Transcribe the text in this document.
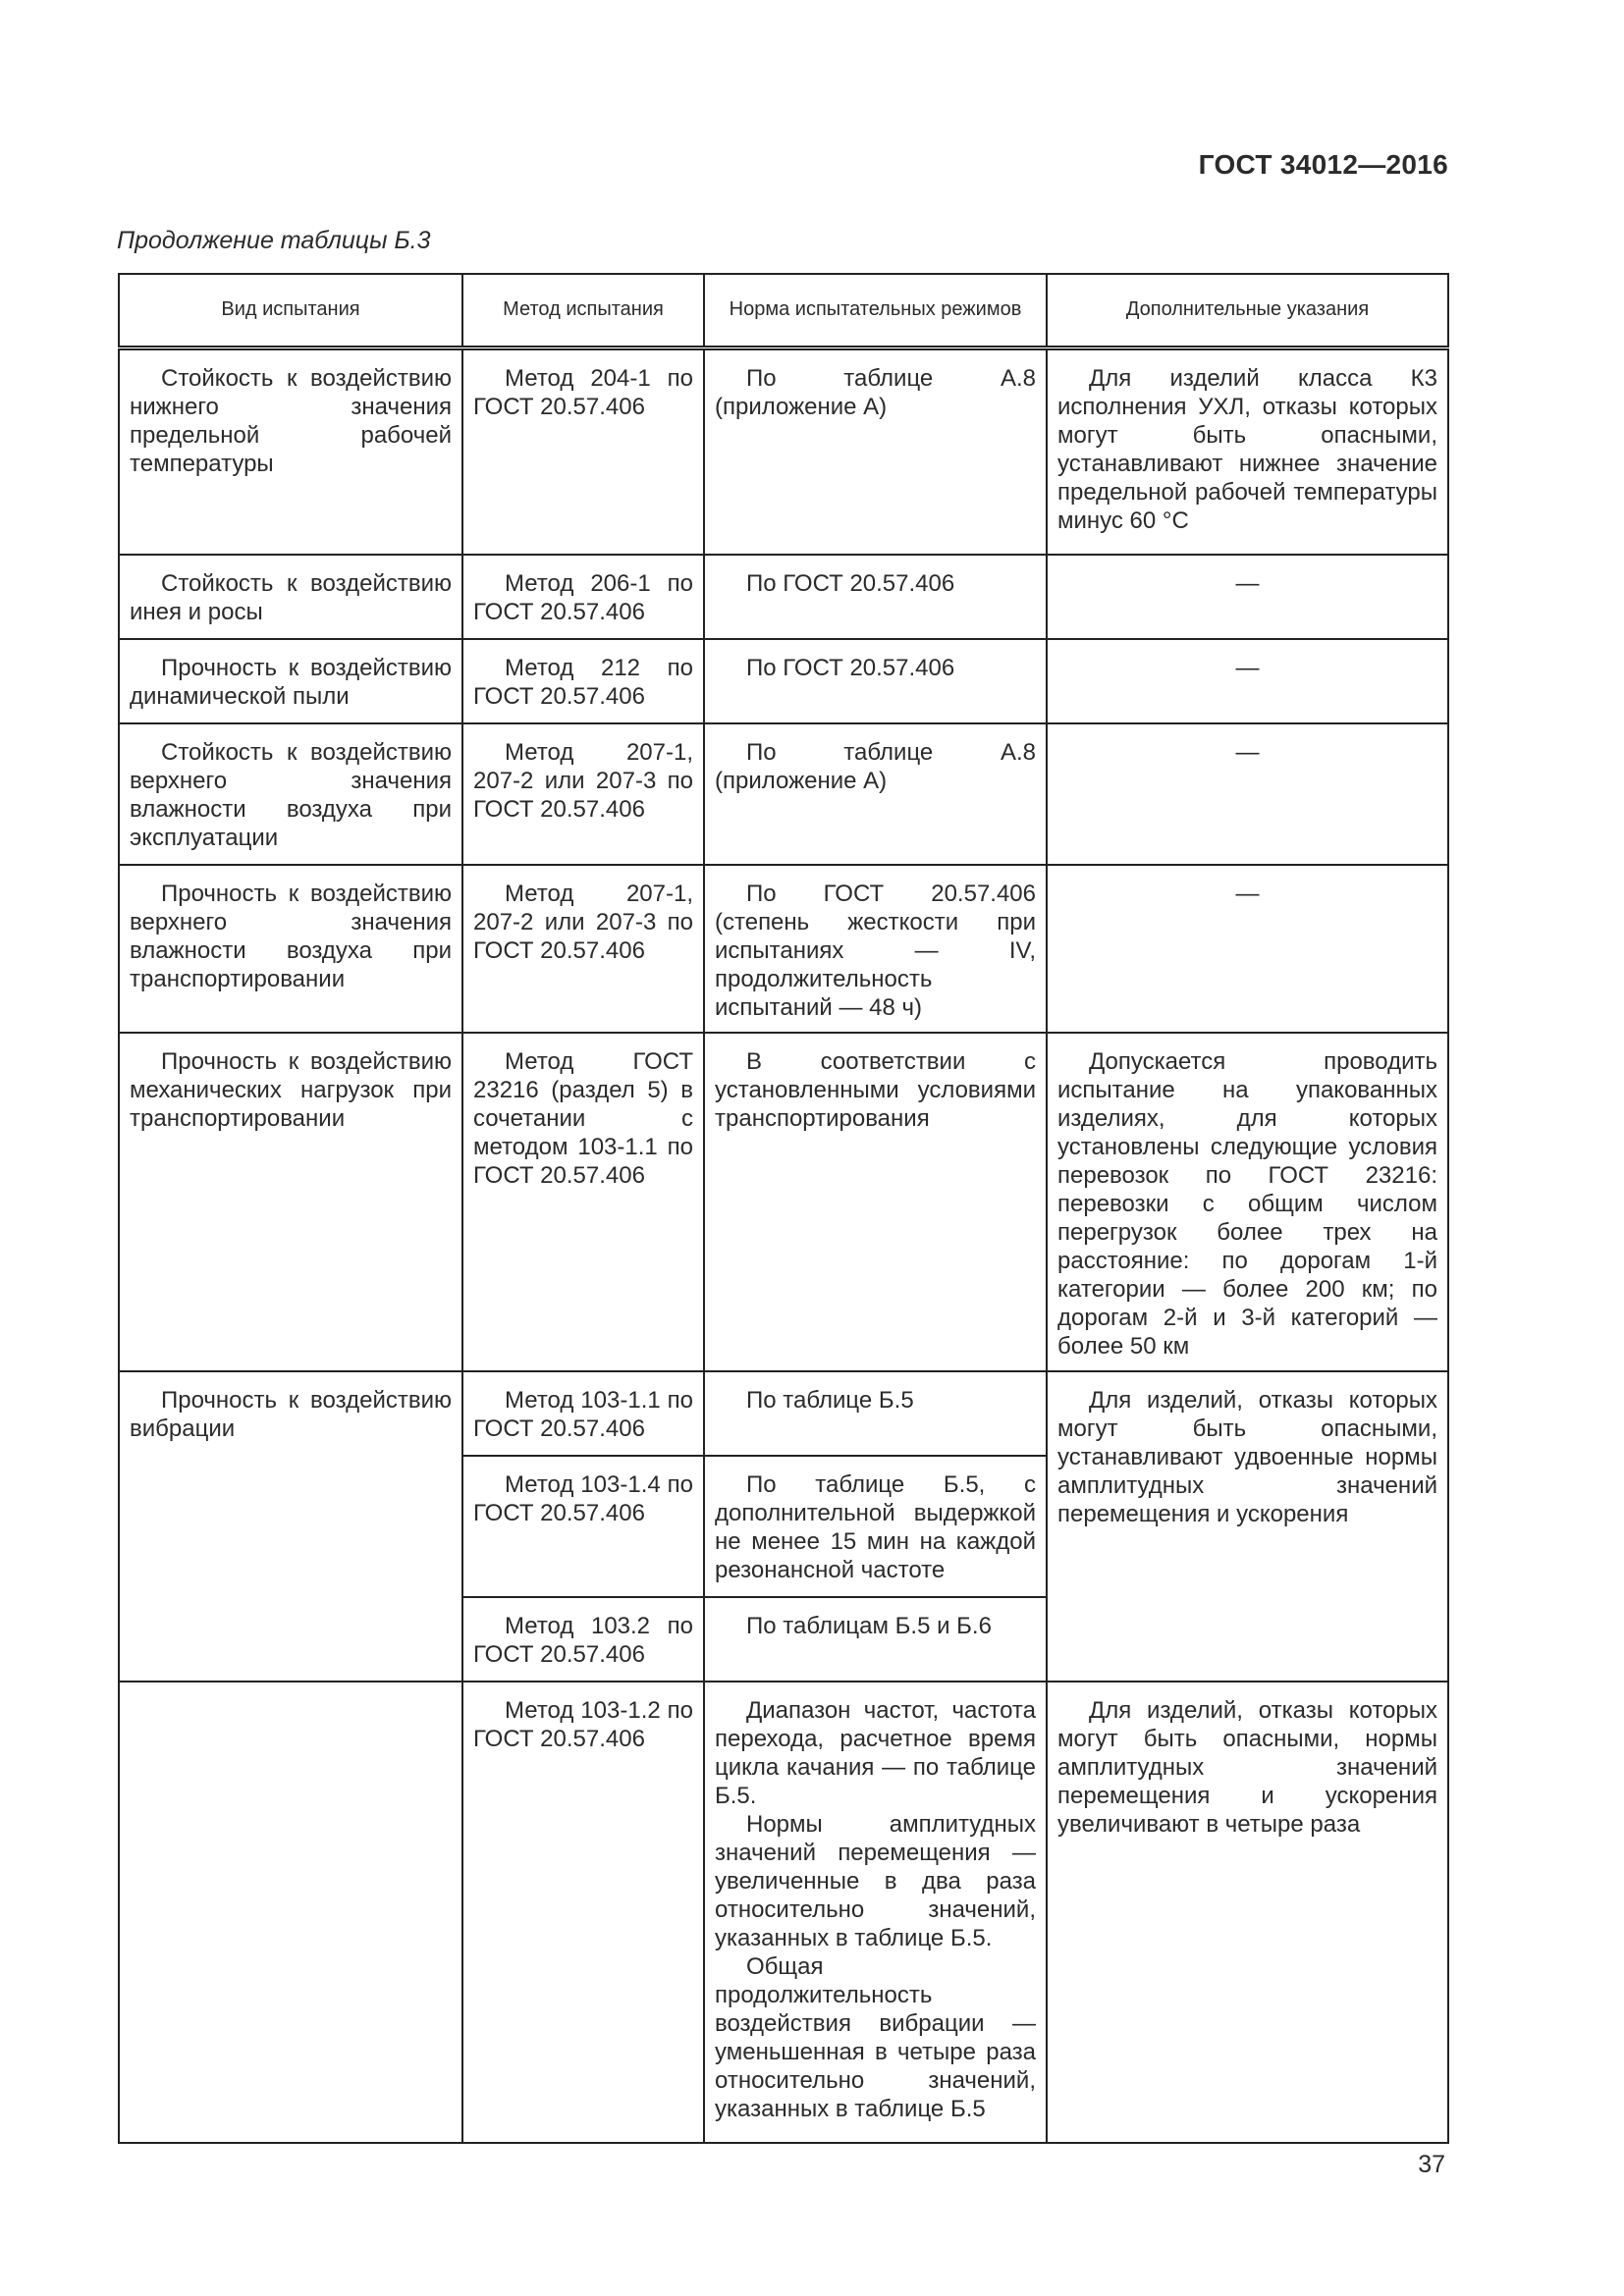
ГОСТ 34012—2016
Продолжение таблицы Б.3
Вид испытания	Метод испытания	Норма испытательных режимов	Дополнительные указания
Стойкость к воздействию нижнего значения предельной рабочей температуры	Метод 204-1 по ГОСТ 20.57.406	По таблице А.8 (приложение А)	Для изделий класса К3 исполнения УХЛ, отказы которых могут быть опасными, устанавливают нижнее значение предельной рабочей температуры минус 60 °С
Стойкость к воздействию инея и росы	Метод 206-1 по ГОСТ 20.57.406	По ГОСТ 20.57.406	—
Прочность к воздействию динамической пыли	Метод 212 по ГОСТ 20.57.406	По ГОСТ 20.57.406	—
Стойкость к воздействию верхнего значения влажности воздуха при эксплуатации	Метод 207-1, 207-2 или 207-3 по ГОСТ 20.57.406	По таблице А.8 (приложение А)	—
Прочность к воздействию верхнего значения влажности воздуха при транспортировании	Метод 207-1, 207-2 или 207-3 по ГОСТ 20.57.406	По ГОСТ 20.57.406 (степень жесткости при испытаниях — IV, продолжительность испытаний — 48 ч)	—
Прочность к воздействию механических нагрузок при транспортировании	Метод ГОСТ 23216 (раздел 5) в сочетании с методом 103-1.1 по ГОСТ 20.57.406	В соответствии с установленными условиями транспортирования	Допускается проводить испытание на упакованных изделиях, для которых установлены следующие условия перевозок по ГОСТ 23216: перевозки с общим числом перегрузок более трех на расстояние: по дорогам 1-й категории — более 200 км; по дорогам 2-й и 3-й категорий — более 50 км
Прочность к воздействию вибрации	Метод 103-1.1 по ГОСТ 20.57.406	По таблице Б.5	Для изделий, отказы которых могут быть опасными, устанавливают удвоенные нормы амплитудных значений перемещения и ускорения
	Метод 103-1.4 по ГОСТ 20.57.406	По таблице Б.5, с дополнительной выдержкой не менее 15 мин на каждой резонансной частоте	
	Метод 103.2 по ГОСТ 20.57.406	По таблицам Б.5 и Б.6	
	Метод 103-1.2 по ГОСТ 20.57.406	Диапазон частот, частота перехода, расчетное время цикла качания — по таблице Б.5.
Нормы амплитудных значений перемещения — увеличенные в два раза относительно значений, указанных в таблице Б.5.
Общая продолжительность воздействия вибрации — уменьшенная в четыре раза относительно значений, указанных в таблице Б.5	Для изделий, отказы которых могут быть опасными, нормы амплитудных значений перемещения и ускорения увеличивают в четыре раза
37
